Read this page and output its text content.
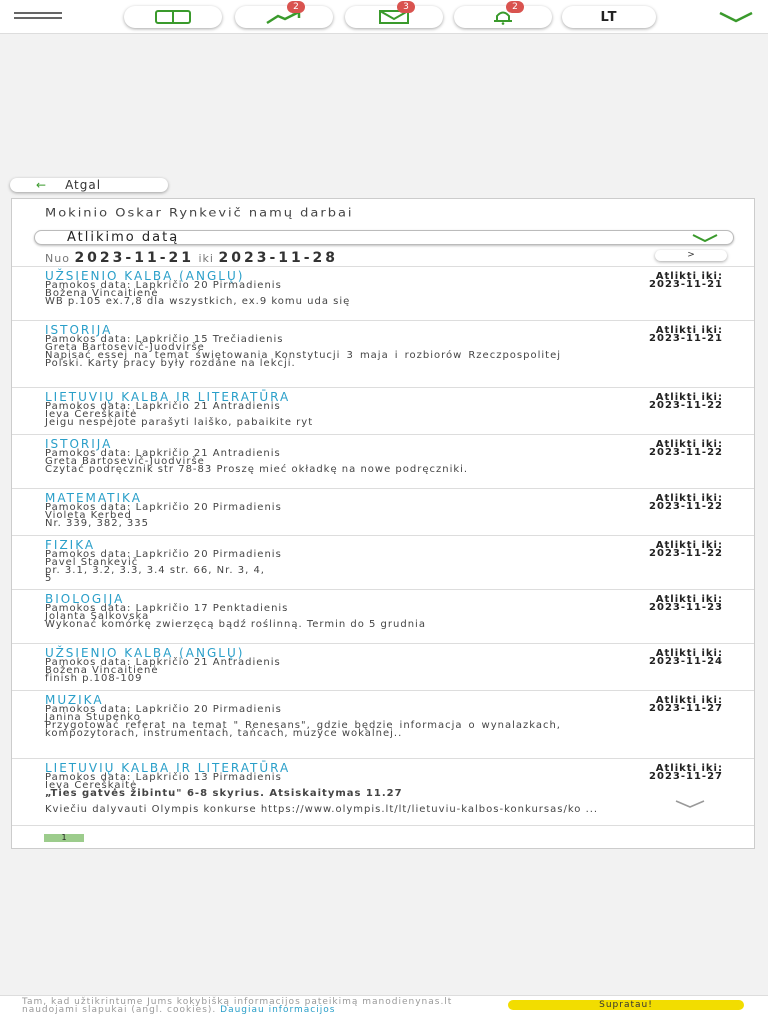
2	3	2
LT
← Atgal
Mokinio Oskar Rynkevič namų darbai
Atlikimo datą
Nuo 2023-11-21 iki 2023-11-28	>
UŽSIENIO KALBA (ANGLŲ)
Pamokos data: Lapkričio 20 Pirmadienis
Božena Vincaitienė
WB p.105 ex.7,8 dla wszystkich, ex.9 komu uda się
Atlikti iki:
2023-11-21
ISTORIJA
Pamokos data: Lapkričio 15 Trečiadienis
Greta Bartosevič-Juodvirše
Napisać essej na temat świętowania Konstytucji 3 maja i rozbiorów Rzeczpospolitej Polski. Karty pracy były rozdane na lekcji.
Atlikti iki:
2023-11-21
LIETUVIŲ KALBA IR LITERATŪRA
Pamokos data: Lapkričio 21 Antradienis
Ieva Čereškaitė
Jeigu nespėjote parašyti laiško, pabaikite ryt
Atlikti iki:
2023-11-22
ISTORIJA
Pamokos data: Lapkričio 21 Antradienis
Greta Bartosevič-Juodvirše
Czytać podręcznik str 78-83 Proszę mieć okładkę na nowe podręczniki.
Atlikti iki:
2023-11-22
MATEMATIKA
Pamokos data: Lapkričio 20 Pirmadienis
Violeta Kerbed
Nr. 339, 382, 335
Atlikti iki:
2023-11-22
FIZIKA
Pamokos data: Lapkričio 20 Pirmadienis
Pavel Stankevič
pr. 3.1, 3.2, 3.3, 3.4 str. 66, Nr. 3, 4, 5
Atlikti iki:
2023-11-22
BIOLOGIJA
Pamokos data: Lapkričio 17 Penktadienis
Jolanta Šalkovska
Wykonać komórkę zwierzęcą bądź roślinną. Termin do 5 grudnia
Atlikti iki:
2023-11-23
UŽSIENIO KALBA (ANGLŲ)
Pamokos data: Lapkričio 21 Antradienis
Božena Vincaitienė
finish p.108-109
Atlikti iki:
2023-11-24
MUZIKA
Pamokos data: Lapkričio 20 Pirmadienis
Janina Stupenko
Przygotować referat na temat " Renesans", gdzie będzie informacja o wynalazkach, kompozytorach, instrumentach, tańcach, muzyce wokalnej..
Atlikti iki:
2023-11-27
LIETUVIŲ KALBA IR LITERATŪRA
Pamokos data: Lapkričio 13 Pirmadienis
Ieva Čereškaitė
„Ties gatvės žibintu" 6-8 skyrius. Atsiskaitymas 11.27
Kviečiu dalyvauti Olympis konkurse https://www.olympis.lt/lt/lietuviu-kalbos-konkursas/ko ...
Atlikti iki:
2023-11-27
1
Tam, kad užtikrintume Jums kokybišką informacijos pateikimą manodienynas.lt naudojami slapukai (angl. cookies). Daugiau informacijos	Supratau!
